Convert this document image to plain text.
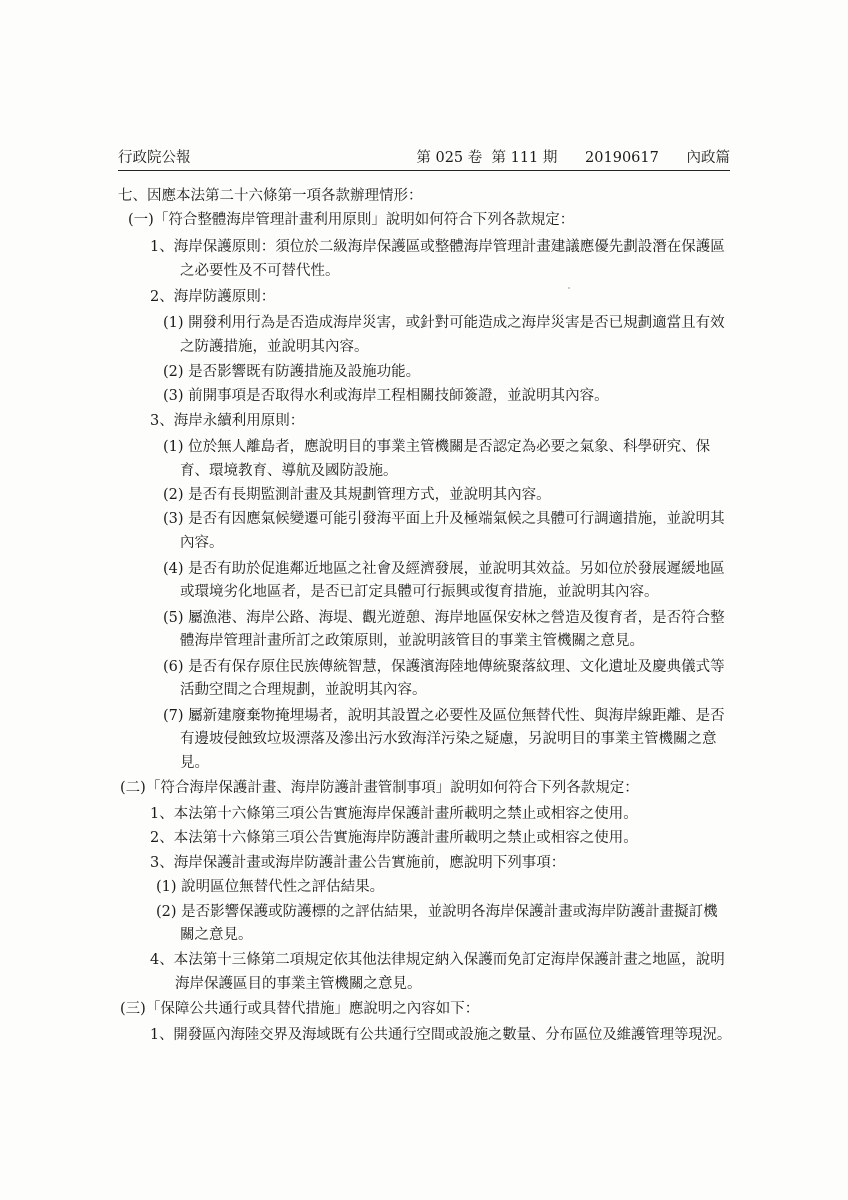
行政院公報	第 025 卷  第 111 期      20190617      內政篇
七、因應本法第二十六條第一項各款辦理情形：
(一)「符合整體海岸管理計畫利用原則」說明如何符合下列各款規定：
1、海岸保護原則：須位於二級海岸保護區或整體海岸管理計畫建議應優先劃設潛在保護區
之必要性及不可替代性。
2、海岸防護原則：
(1) 開發利用行為是否造成海岸災害，或針對可能造成之海岸災害是否已規劃適當且有效
之防護措施，並說明其內容。
(2) 是否影響既有防護措施及設施功能。
(3) 前開事項是否取得水利或海岸工程相關技師簽證，並說明其內容。
3、海岸永續利用原則：
(1) 位於無人離島者，應說明目的事業主管機關是否認定為必要之氣象、科學研究、保
育、環境教育、導航及國防設施。
(2) 是否有長期監測計畫及其規劃管理方式，並說明其內容。
(3) 是否有因應氣候變遷可能引發海平面上升及極端氣候之具體可行調適措施，並說明其
內容。
(4) 是否有助於促進鄰近地區之社會及經濟發展，並說明其效益。另如位於發展遲緩地區
或環境劣化地區者，是否已訂定具體可行振興或復育措施，並說明其內容。
(5) 屬漁港、海岸公路、海堤、觀光遊憩、海岸地區保安林之營造及復育者，是否符合整
體海岸管理計畫所訂之政策原則，並說明該管目的事業主管機關之意見。
(6) 是否有保存原住民族傳統智慧，保護濱海陸地傳統聚落紋理、文化遺址及慶典儀式等
活動空間之合理規劃，並說明其內容。
(7) 屬新建廢棄物掩埋場者，說明其設置之必要性及區位無替代性、與海岸線距離、是否
有邊坡侵蝕致垃圾漂落及滲出污水致海洋污染之疑慮，另說明目的事業主管機關之意
見。
(二)「符合海岸保護計畫、海岸防護計畫管制事項」說明如何符合下列各款規定：
1、本法第十六條第三項公告實施海岸保護計畫所載明之禁止或相容之使用。
2、本法第十六條第三項公告實施海岸防護計畫所載明之禁止或相容之使用。
3、海岸保護計畫或海岸防護計畫公告實施前，應說明下列事項：
(1) 說明區位無替代性之評估結果。
(2) 是否影響保護或防護標的之評估結果，並說明各海岸保護計畫或海岸防護計畫擬訂機
關之意見。
4、本法第十三條第二項規定依其他法律規定納入保護而免訂定海岸保護計畫之地區，說明
海岸保護區目的事業主管機關之意見。
(三)「保障公共通行或具替代措施」應說明之內容如下：
1、開發區內海陸交界及海域既有公共通行空間或設施之數量、分布區位及維護管理等現況。
